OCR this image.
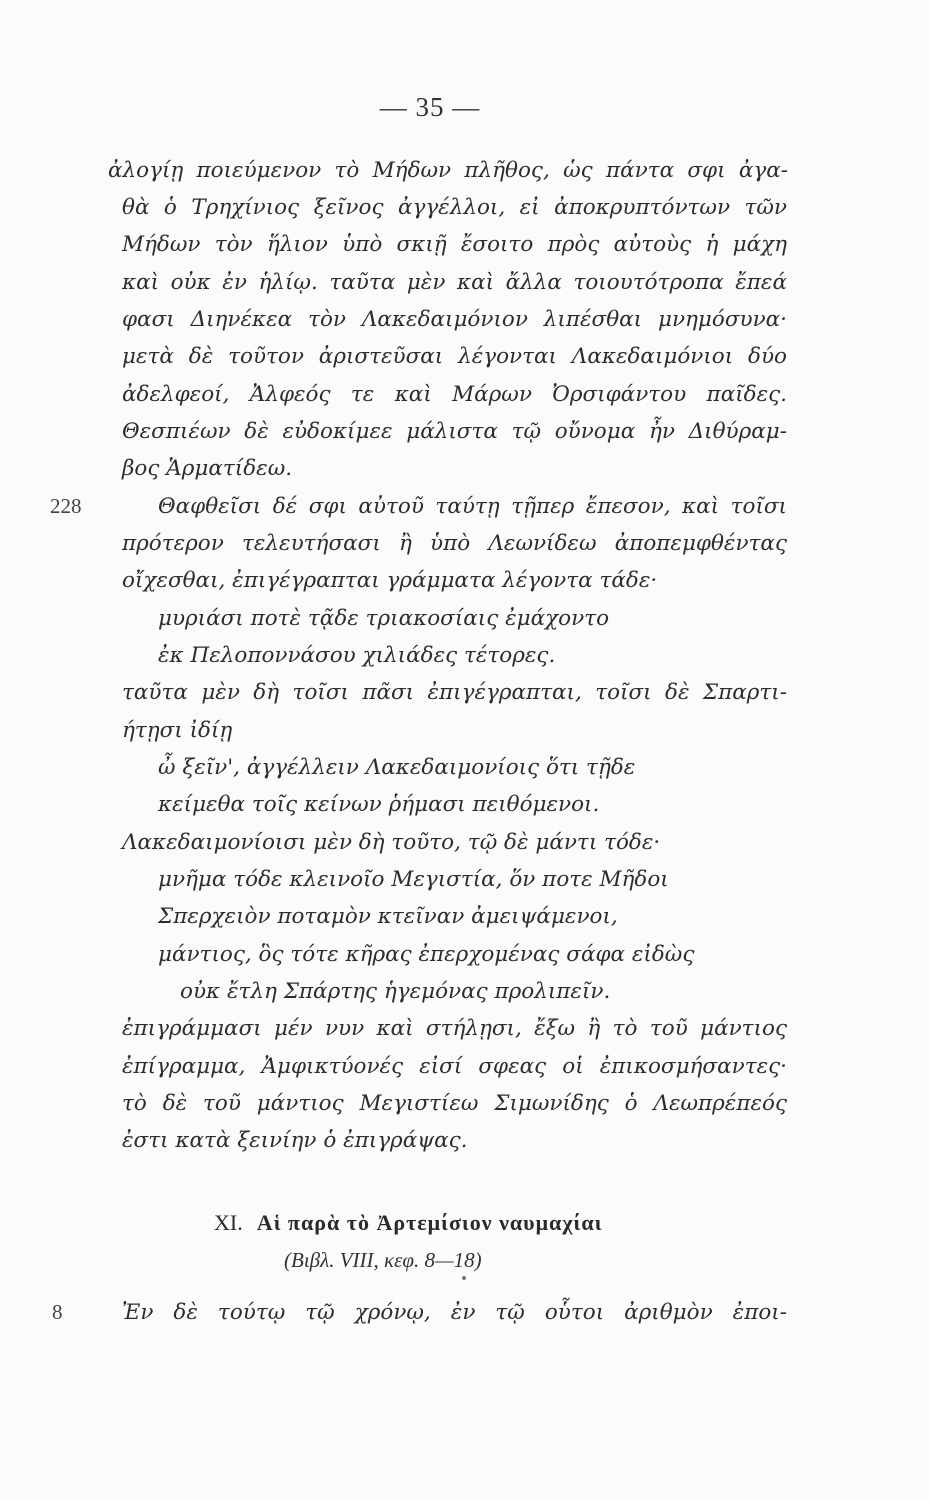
— 35 —
ἀλογίῃ ποιεύμενον τὸ Μήδων πλῆθος, ὡς πάντα σφι ἀγα-
θὰ ὁ Τρηχίνιος ξεῖνος ἀγγέλλοι, εἰ ἀποκρυπτόντων τῶν
Μήδων τὸν ἥλιον ὑπὸ σκιῇ ἔσοιτο πρὸς αὐτοὺς ἡ μάχη
καὶ οὐκ ἐν ἡλίῳ. ταῦτα μὲν καὶ ἄλλα τοιουτότροπα ἔπεά
φασι Διηνέκεα τὸν Λακεδαιμόνιον λιπέσθαι μνημόσυνα·
μετὰ δὲ τοῦτον ἀριστεῦσαι λέγονται Λακεδαιμόνιοι δύο
ἀδελφεοί, Ἀλφεός τε καὶ Μάρων Ὀρσιφάντου παῖδες.
Θεσπιέων δὲ εὐδοκίμεε μάλιστα τῷ οὔνομα ἦν Διθύραμ-
βος Ἁρματίδεω.
228	Θαφθεῖσι δέ σφι αὐτοῦ ταύτῃ τῇπερ ἔπεσον, καὶ τοῖσι
πρότερον τελευτήσασι ἢ ὑπὸ Λεωνίδεω ἀποπεμφθέντας
οἴχεσθαι, ἐπιγέγραπται γράμματα λέγοντα τάδε·
μυριάσι ποτὲ τᾷδε τριακοσίαις ἐμάχοντο
ἐκ Πελοποννάσου χιλιάδες τέτορες.
ταῦτα μὲν δὴ τοῖσι πᾶσι ἐπιγέγραπται, τοῖσι δὲ Σπαρτι-
ήτῃσι ἰδίῃ
ὦ ξεῖν', ἀγγέλλειν Λακεδαιμονίοις ὅτι τῇδε
κείμεθα τοῖς κείνων ῥήμασι πειθόμενοι.
Λακεδαιμονίοισι μὲν δὴ τοῦτο, τῷ δὲ μάντι τόδε·
μνῆμα τόδε κλεινοῖο Μεγιστία, ὅν ποτε Μῆδοι
Σπερχειὸν ποταμὸν κτεῖναν ἀμειψάμενοι,
μάντιος, ὃς τότε κῆρας ἐπερχομένας σάφα εἰδὼς
οὐκ ἔτλη Σπάρτης ἡγεμόνας προλιπεῖν.
ἐπιγράμμασι μέν νυν καὶ στήλῃσι, ἔξω ἢ τὸ τοῦ μάντιος
ἐπίγραμμα, Ἀμφικτύονές εἰσί σφεας οἱ ἐπικοσμήσαντες·
τὸ δὲ τοῦ μάντιος Μεγιστίεω Σιμωνίδης ὁ Λεωπρέπεός
ἐστι κατὰ ξεινίην ὁ ἐπιγράψας.
XI. Αἱ παρὰ τὸ Ἀρτεμίσιον ναυμαχίαι
(Βιβλ. VIII, κεφ. 8—18)
8	Ἐν δὲ τούτῳ τῷ χρόνῳ, ἐν τῷ οὗτοι ἀριθμὸν ἐποι-
